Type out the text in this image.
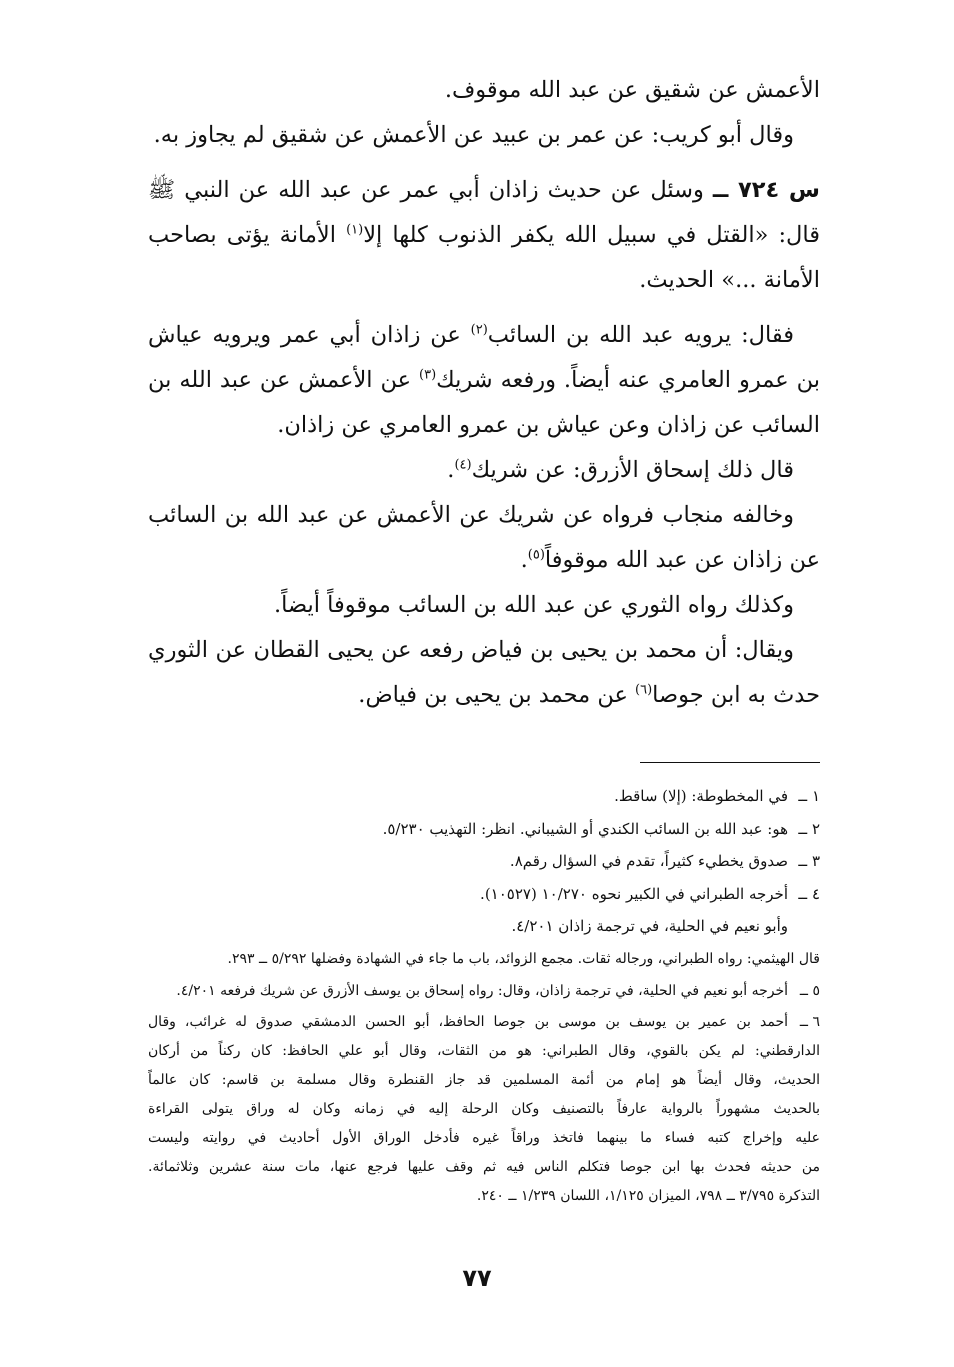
الأعمش عن شقيق عن عبد الله موقوف.

وقال أبو كريب: عن عمر بن عبيد عن الأعمش عن شقيق لم يجاوز به.

س ٧٢٤ ــ وسئل عن حديث زاذان أبي عمر عن عبد الله عن النبي ﷺ قال: «القتل في سبيل الله يكفر الذنوب كلها إلا$^{(١)}$ الأمانة يؤتى بصاحب الأمانة ...» الحديث.

فقال: يرويه عبد الله بن السائب$^{(٢)}$ عن زاذان أبي عمر ويرويه عياش بن عمرو العامري عنه أيضاً. ورفعه شريك$^{(٣)}$ عن الأعمش عن عبد الله بن السائب عن زاذان وعن عياش بن عمرو العامري عن زاذان.

قال ذلك إسحاق الأزرق: عن شريك$^{(٤)}$.

وخالفه منجاب فرواه عن شريك عن الأعمش عن عبد الله بن السائب عن زاذان عن عبد الله موقوفاً$^{(٥)}$.

وكذلك رواه الثوري عن عبد الله بن السائب موقوفاً أيضاً.

ويقال: أن محمد بن يحيى بن فياض رفعه عن يحيى القطان عن الثوري حدث به ابن جوصا$^{(٦)}$ عن محمد بن يحيى بن فياض.

١ ــ
في المخطوطة: (إلا) ساقط.
٢ ــ
هو: عبد الله بن السائب الكندي أو الشيباني. انظر: التهذيب ٥/٢٣٠.
٣ ــ
صدوق يخطيء كثيراً، تقدم في السؤال رقم٨.
٤ ــ
أخرجه الطبراني في الكبير نحوه ١٠/٢٧٠ (١٠٥٢٧).
وأبو نعيم في الحلية، في ترجمة زاذان ٤/٢٠١.
قال الهيثمي: رواه الطبراني، ورجاله ثقات. مجمع الزوائد، باب ما جاء في الشهادة وفضلها ٥/٢٩٢ ــ ٢٩٣.
٥ ــ
أخرجه أبو نعيم في الحلية، في ترجمة زاذان، وقال: رواه إسحاق بن يوسف الأزرق عن شريك فرفعه ٤/٢٠١.
٦ ــ
أحمد بن عمير بن يوسف بن موسى بن جوصا الحافظ، أبو الحسن الدمشقي صدوق له غرائب، وقال
الدارقطني: لم يكن بالقوي، وقال الطبراني: هو من الثقات، وقال أبو علي الحافظ: كان ركناً من أركان
الحديث، وقال أيضاً هو إمام من أئمة المسلمين قد جاز القنطرة وقال مسلمة بن قاسم: كان عالماً
بالحديث مشهوراً بالرواية عارفاً بالتصنيف وكان الرحلة إليه في زمانه وكان له وراق يتولى القراءة
عليه وإخراج كتبه فساء ما بينهما فاتخذ وراقاً غيره فأدخل الوراق الأول أحاديث في روايته وليست
من حديثه فحدث بها ابن جوصا فتكلم الناس فيه ثم وقف عليها فرجع عنها، مات سنة عشرين وثلاثمائة.
التذكرة ٣/٧٩٥ ــ ٧٩٨، الميزان ١/١٢٥، اللسان ١/٢٣٩ ــ ٢٤٠.
٧٧
